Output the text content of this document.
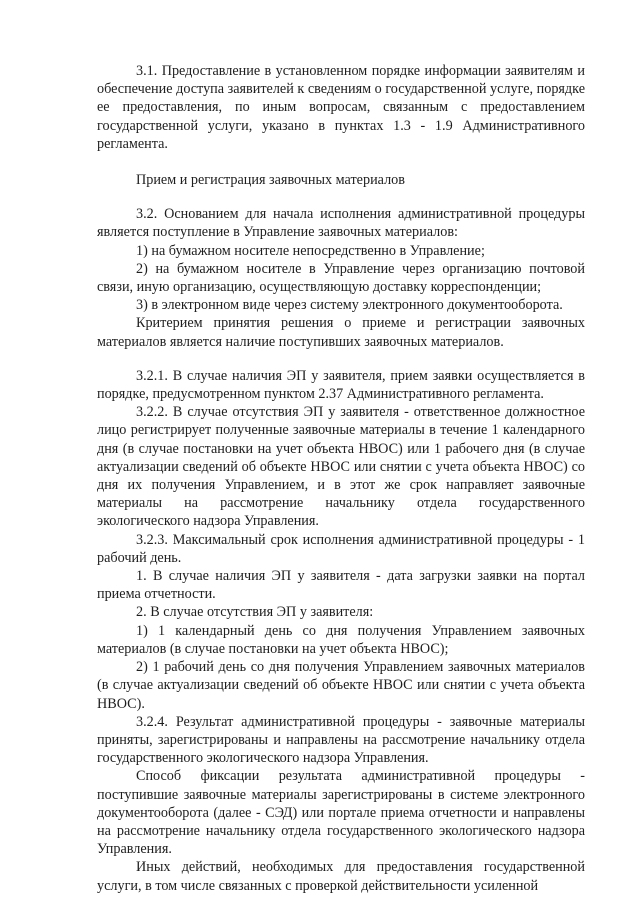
3.1. Предоставление в установленном порядке информации заявителям и обеспечение доступа заявителей к сведениям о государственной услуге, порядке ее предоставления, по иным вопросам, связанным с предоставлением государственной услуги, указано в пунктах 1.3 - 1.9 Административного регламента.

Прием и регистрация заявочных материалов

3.2. Основанием для начала исполнения административной процедуры является поступление в Управление заявочных материалов:

1) на бумажном носителе непосредственно в Управление;

2) на бумажном носителе в Управление через организацию почтовой связи, иную организацию, осуществляющую доставку корреспонденции;

3) в электронном виде через систему электронного документооборота.

Критерием принятия решения о приеме и регистрации заявочных материалов является наличие поступивших заявочных материалов.

3.2.1. В случае наличия ЭП у заявителя, прием заявки осуществляется в порядке, предусмотренном пунктом 2.37 Административного регламента.

3.2.2. В случае отсутствия ЭП у заявителя - ответственное должностное лицо регистрирует полученные заявочные материалы в течение 1 календарного дня (в случае постановки на учет объекта НВОС) или 1 рабочего дня (в случае актуализации сведений об объекте НВОС или снятии с учета объекта НВОС) со дня их получения Управлением, и в этот же срок направляет заявочные материалы на рассмотрение начальнику отдела государственного экологического надзора Управления.

3.2.3. Максимальный срок исполнения административной процедуры - 1 рабочий день.

1. В случае наличия ЭП у заявителя - дата загрузки заявки на портал приема отчетности.

2. В случае отсутствия ЭП у заявителя:

1) 1 календарный день со дня получения Управлением заявочных материалов (в случае постановки на учет объекта НВОС);

2) 1 рабочий день со дня получения Управлением заявочных материалов (в случае актуализации сведений об объекте НВОС или снятии с учета объекта НВОС).

3.2.4. Результат административной процедуры - заявочные материалы приняты, зарегистрированы и направлены на рассмотрение начальнику отдела государственного экологического надзора Управления.

Способ фиксации результата административной процедуры - поступившие заявочные материалы зарегистрированы в системе электронного документооборота (далее - СЭД) или портале приема отчетности и направлены на рассмотрение начальнику отдела государственного экологического надзора Управления.

Иных действий, необходимых для предоставления государственной услуги, в том числе связанных с проверкой действительности усиленной
